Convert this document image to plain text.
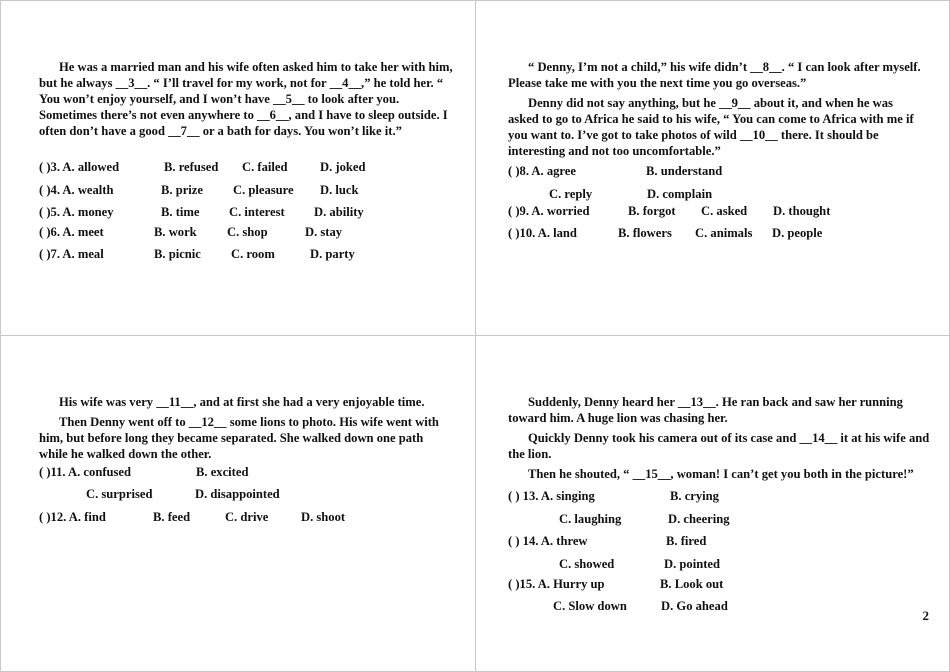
He was a married man and his wife often asked him to take her with him, but he always __3__. “ I’ll travel for my work, not for __4__,” he told her. “ You won’t enjoy yourself, and I won’t have __5__ to look after you. Sometimes there’s not even anywhere to __6__, and I have to sleep outside. I often don’t have a good __7__ or a bath for days. You won’t like it.”

( )3. A. allowed	B. refused C. failed	D. joked
( )4. A. wealth	B. prize C. pleasure D. luck
( )5. A. money	B. time C. interest D. ability
( )6. A. meet	B. work C. shop	D. stay
( )7. A. meal	B. picnic C. room	D. party

“ Denny, I’m not a child,” his wife didn’t __8__. “ I can look after myself. Please take me with you the next time you go overseas.”

Denny did not say anything, but he __9__ about it, and when he was asked to go to Africa he said to his wife, “ You can come to Africa with me if you want to. I’ve got to take photos of wild __10__ there. It should be interesting and not too uncomfortable.”

( )8. A. agree	B. understand
C. reply	D. complain
( )9. A. worried	B. forgot C. asked D. thought
( )10. A. land	B. flowers C. animals D. people

His wife was very __11__, and at first she had a very enjoyable time.

Then Denny went off to __12__ some lions to photo. His wife went with him, but before long they became separated. She walked down one path while he walked down the other.

( )11. A. confused	B. excited
C. surprised	D. disappointed
( )12. A. find	B. feed	C. drive	D. shoot

Suddenly, Denny heard her __13__. He ran back and saw her running toward him. A huge lion was chasing her.

Quickly Denny took his camera out of its case and __14__ it at his wife and the lion.

Then he shouted, “ __15__, woman! I can’t get you both in the picture!”

( ) 13. A. singing	B. crying
C. laughing	D. cheering
( ) 14. A. threw	B. fired
C. showed	D. pointed
( )15. A. Hurry up	B. Look out
C. Slow down	D. Go ahead
2
